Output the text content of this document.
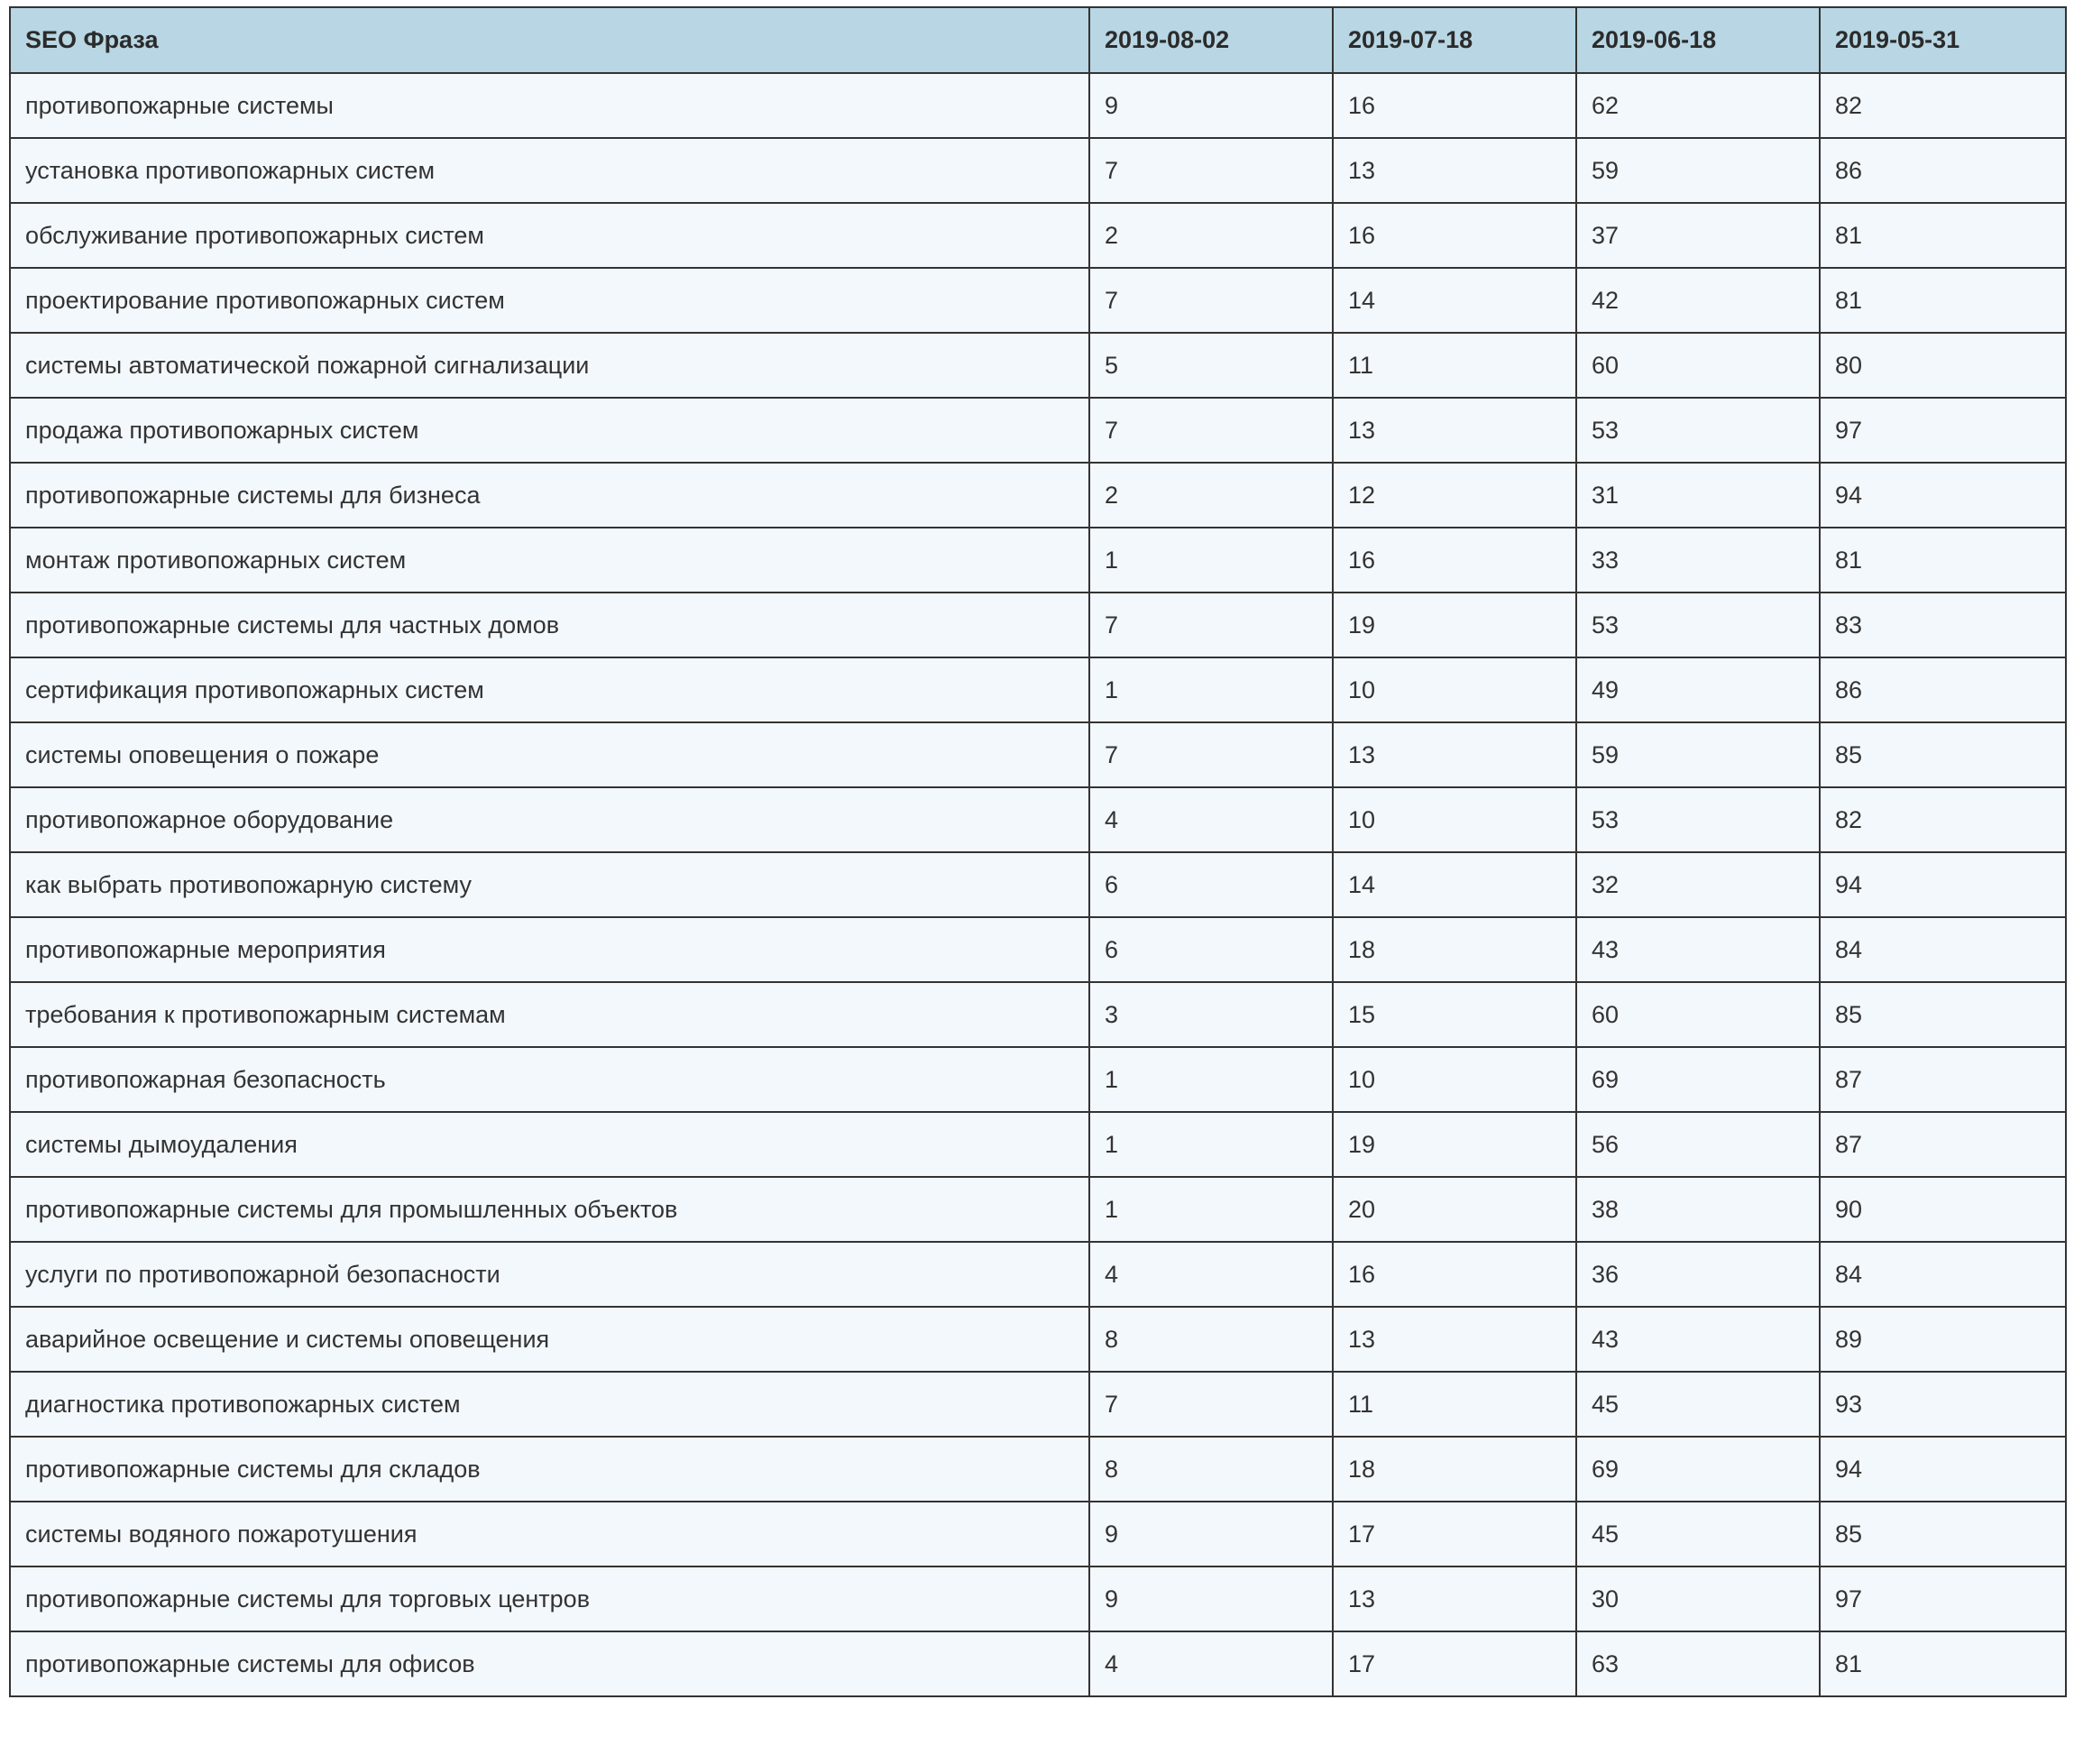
SEO Фраза	2019-08-02	2019-07-18	2019-06-18	2019-05-31
противопожарные системы	9	16	62	82
установка противопожарных систем	7	13	59	86
обслуживание противопожарных систем	2	16	37	81
проектирование противопожарных систем	7	14	42	81
системы автоматической пожарной сигнализации	5	11	60	80
продажа противопожарных систем	7	13	53	97
противопожарные системы для бизнеса	2	12	31	94
монтаж противопожарных систем	1	16	33	81
противопожарные системы для частных домов	7	19	53	83
сертификация противопожарных систем	1	10	49	86
системы оповещения о пожаре	7	13	59	85
противопожарное оборудование	4	10	53	82
как выбрать противопожарную систему	6	14	32	94
противопожарные мероприятия	6	18	43	84
требования к противопожарным системам	3	15	60	85
противопожарная безопасность	1	10	69	87
системы дымоудаления	1	19	56	87
противопожарные системы для промышленных объектов	1	20	38	90
услуги по противопожарной безопасности	4	16	36	84
аварийное освещение и системы оповещения	8	13	43	89
диагностика противопожарных систем	7	11	45	93
противопожарные системы для складов	8	18	69	94
системы водяного пожаротушения	9	17	45	85
противопожарные системы для торговых центров	9	13	30	97
противопожарные системы для офисов	4	17	63	81
